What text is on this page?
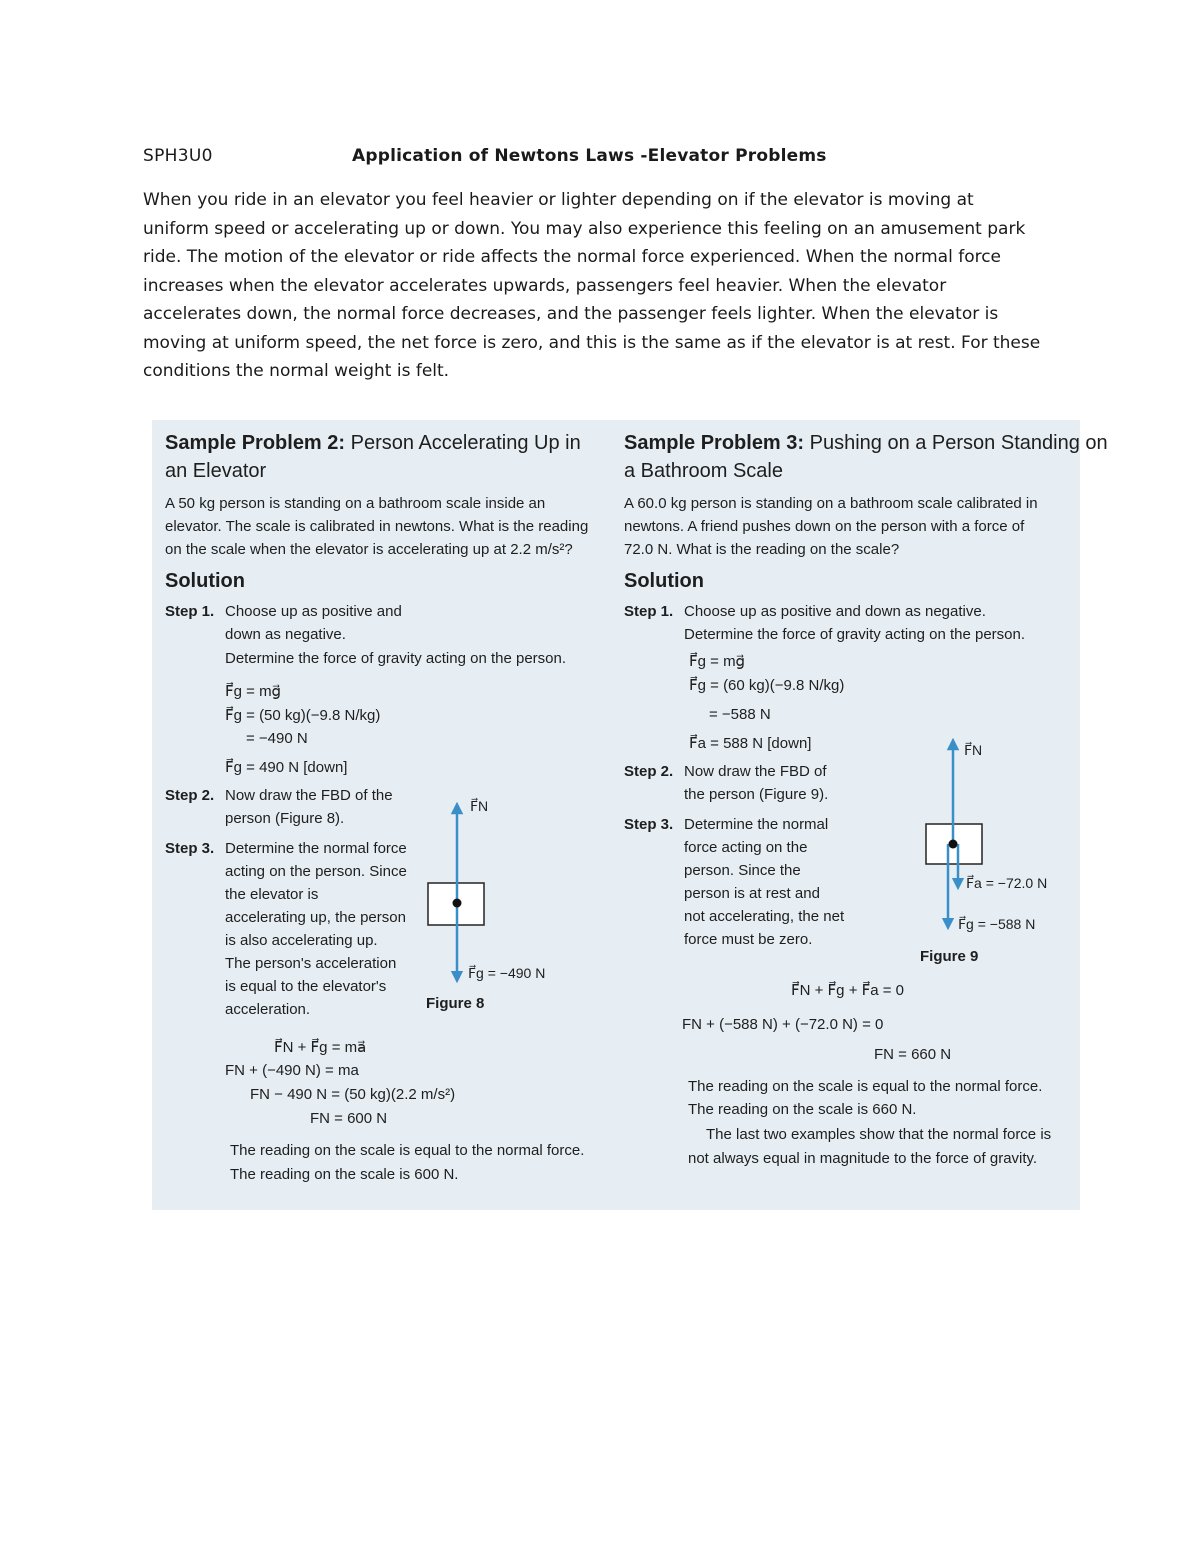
SPH3U0	Application of Newtons Laws -Elevator Problems
When you ride in an elevator you feel heavier or lighter depending on if the elevator is moving at
uniform speed or accelerating up or down. You may also experience this feeling on an amusement park
ride. The motion of the elevator or ride affects the normal force experienced. When the normal force
increases when the elevator accelerates upwards, passengers feel heavier. When the elevator
accelerates down, the normal force decreases, and the passenger feels lighter. When the elevator is
moving at uniform speed, the net force is zero, and this is the same as if the elevator is at rest. For these
conditions the normal weight is felt.
Sample Problem 2: Person Accelerating Up in
an Elevator
A 50 kg person is standing on a bathroom scale inside an
elevator. The scale is calibrated in newtons. What is the reading
on the scale when the elevator is accelerating up at 2.2 m/s²?
Solution
Step 1. Choose up as positive and
down as negative.
Determine the force of gravity acting on the person.
F⃗g = mg⃗
F⃗g = (50 kg)(−9.8 N/kg)
= −490 N
F⃗g = 490 N [down]
Step 2. Now draw the FBD of the
person (Figure 8).
Step 3. Determine the normal force
acting on the person. Since
the elevator is
accelerating up, the person
is also accelerating up.
The person's acceleration
is equal to the elevator's
acceleration.
F⃗N
F⃗g = −490 N
Figure 8
F⃗N + F⃗g = ma⃗
FN + (−490 N) = ma
FN − 490 N = (50 kg)(2.2 m/s²)
FN = 600 N
The reading on the scale is equal to the normal force.
The reading on the scale is 600 N.
Sample Problem 3: Pushing on a Person Standing on
a Bathroom Scale
A 60.0 kg person is standing on a bathroom scale calibrated in
newtons. A friend pushes down on the person with a force of
72.0 N. What is the reading on the scale?
Solution
Step 1. Choose up as positive and down as negative.
Determine the force of gravity acting on the person.
F⃗g = mg⃗
F⃗g = (60 kg)(−9.8 N/kg)
= −588 N
F⃗a = 588 N [down]
Step 2. Now draw the FBD of
the person (Figure 9).
Step 3. Determine the normal
force acting on the
person. Since the
person is at rest and
not accelerating, the net
force must be zero.
F⃗N
F⃗a = −72.0 N
F⃗g = −588 N
Figure 9
F⃗N + F⃗g + F⃗a = 0
FN + (−588 N) + (−72.0 N) = 0
FN = 660 N
The reading on the scale is equal to the normal force.
The reading on the scale is 660 N.
The last two examples show that the normal force is
not always equal in magnitude to the force of gravity.
